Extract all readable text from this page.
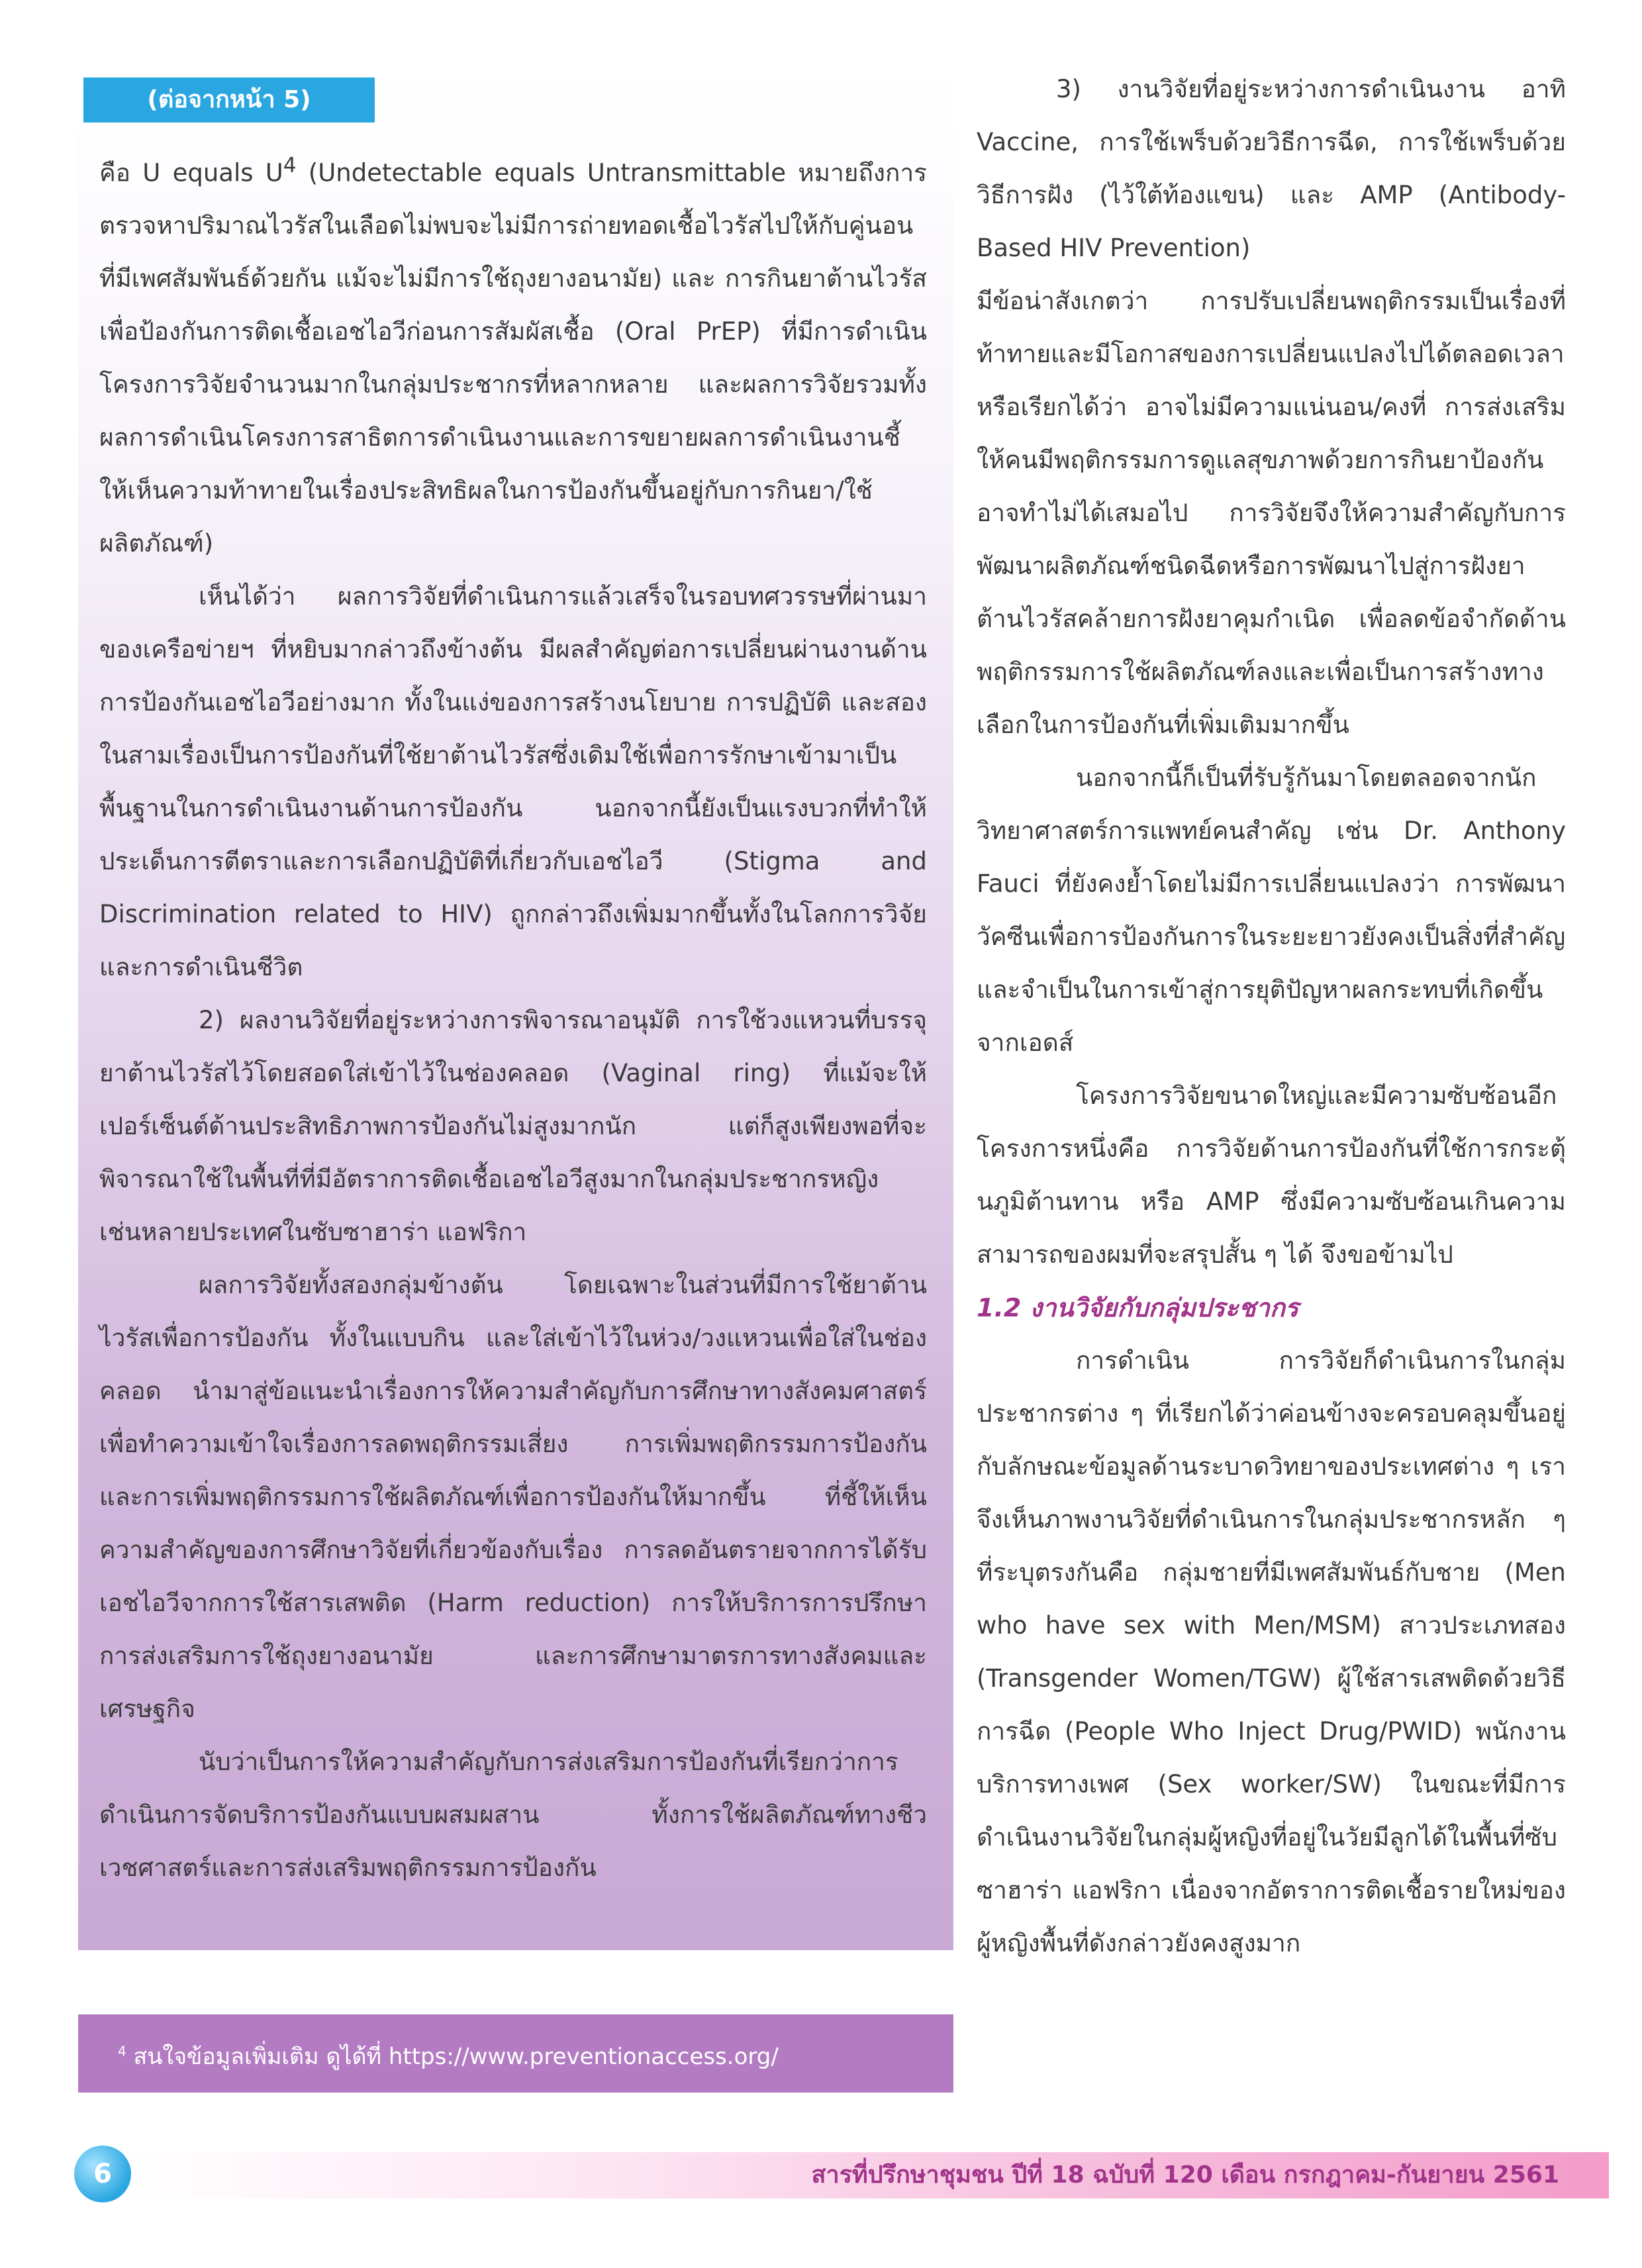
(ต่อจากหน้า 5)

คือ U equals $U^4$ (Undetectable equals Untransmittable หมายถึงการตรวจหาปริมาณไวรัสในเลือดไม่พบจะไม่มีการถ่ายทอดเชื้อไวรัสไปให้กับคู่นอนที่มีเพศสัมพันธ์ด้วยกัน แม้จะไม่มีการใช้ถุงยางอนามัย) และ การกินยาต้านไวรัสเพื่อป้องกันการติดเชื้อเอชไอวีก่อนการสัมผัสเชื้อ (Oral PrEP) ที่มีการดำเนินโครงการวิจัยจำนวนมากในกลุ่มประชากรที่หลากหลาย และผลการวิจัยรวมทั้งผลการดำเนินโครงการสาธิตการดำเนินงานและการขยายผลการดำเนินงานชี้ให้เห็นความท้าทายในเรื่องประสิทธิผลในการป้องกันขึ้นอยู่กับการกินยา/ใช้ผลิตภัณฑ์)

เห็นได้ว่า ผลการวิจัยที่ดำเนินการแล้วเสร็จในรอบทศวรรษที่ผ่านมาของเครือข่ายฯ ที่หยิบมากล่าวถึงข้างต้น มีผลสำคัญต่อการเปลี่ยนผ่านงานด้านการป้องกันเอชไอวีอย่างมาก ทั้งในแง่ของการสร้างนโยบาย การปฏิบัติ และสองในสามเรื่องเป็นการป้องกันที่ใช้ยาต้านไวรัสซึ่งเดิมใช้เพื่อการรักษาเข้ามาเป็นพื้นฐานในการดำเนินงานด้านการป้องกัน นอกจากนี้ยังเป็นแรงบวกที่ทำให้ประเด็นการตีตราและการเลือกปฏิบัติที่เกี่ยวกับเอชไอวี (Stigma and Discrimination related to HIV) ถูกกล่าวถึงเพิ่มมากขึ้นทั้งในโลกการวิจัยและการดำเนินชีวิต

2) ผลงานวิจัยที่อยู่ระหว่างการพิจารณาอนุมัติ การใช้วงแหวนที่บรรจุยาต้านไวรัสไว้โดยสอดใส่เข้าไว้ในช่องคลอด (Vaginal ring) ที่แม้จะให้เปอร์เซ็นต์ด้านประสิทธิภาพการป้องกันไม่สูงมากนัก แต่ก็สูงเพียงพอที่จะพิจารณาใช้ในพื้นที่ที่มีอัตราการติดเชื้อเอชไอวีสูงมากในกลุ่มประชากรหญิง เช่นหลายประเทศในซับซาฮาร่า แอฟริกา

ผลการวิจัยทั้งสองกลุ่มข้างต้น โดยเฉพาะในส่วนที่มีการใช้ยาต้านไวรัสเพื่อการป้องกัน ทั้งในแบบกิน และใส่เข้าไว้ในห่วง/วงแหวนเพื่อใส่ในช่องคลอด นำมาสู่ข้อแนะนำเรื่องการให้ความสำคัญกับการศึกษาทางสังคมศาสตร์เพื่อทำความเข้าใจเรื่องการลดพฤติกรรมเสี่ยง การเพิ่มพฤติกรรมการป้องกัน และการเพิ่มพฤติกรรมการใช้ผลิตภัณฑ์เพื่อการป้องกันให้มากขึ้น ที่ชี้ให้เห็นความสำคัญของการศึกษาวิจัยที่เกี่ยวข้องกับเรื่อง การลดอันตรายจากการได้รับเอชไอวีจากการใช้สารเสพติด (Harm reduction) การให้บริการการปรึกษา การส่งเสริมการใช้ถุงยางอนามัย และการศึกษามาตรการทางสังคมและเศรษฐกิจ

นับว่าเป็นการให้ความสำคัญกับการส่งเสริมการป้องกันที่เรียกว่าการดำเนินการจัดบริการป้องกันแบบผสมผสาน ทั้งการใช้ผลิตภัณฑ์ทางชีวเวชศาสตร์และการส่งเสริมพฤติกรรมการป้องกัน

$^4$ สนใจข้อมูลเพิ่มเติม ดูได้ที่ https://www.preventionaccess.org/

3) งานวิจัยที่อยู่ระหว่างการดำเนินงาน อาทิ Vaccine, การใช้เพร็บด้วยวิธีการฉีด, การใช้เพร็บด้วยวิธีการฝัง (ไว้ใต้ท้องแขน) และ AMP (Antibody-Based HIV Prevention)

มีข้อน่าสังเกตว่า การปรับเปลี่ยนพฤติกรรมเป็นเรื่องที่ท้าทายและมีโอกาสของการเปลี่ยนแปลงไปได้ตลอดเวลา หรือเรียกได้ว่า อาจไม่มีความแน่นอน/คงที่ การส่งเสริมให้คนมีพฤติกรรมการดูแลสุขภาพด้วยการกินยาป้องกันอาจทำไม่ได้เสมอไป การวิจัยจึงให้ความสำคัญกับการพัฒนาผลิตภัณฑ์ชนิดฉีดหรือการพัฒนาไปสู่การฝังยาต้านไวรัสคล้ายการฝังยาคุมกำเนิด เพื่อลดข้อจำกัดด้านพฤติกรรมการใช้ผลิตภัณฑ์ลงและเพื่อเป็นการสร้างทางเลือกในการป้องกันที่เพิ่มเติมมากขึ้น

นอกจากนี้ก็เป็นที่รับรู้กันมาโดยตลอดจากนักวิทยาศาสตร์การแพทย์คนสำคัญ เช่น Dr. Anthony Fauci ที่ยังคงย้ำโดยไม่มีการเปลี่ยนแปลงว่า การพัฒนาวัคซีนเพื่อการป้องกันการในระยะยาวยังคงเป็นสิ่งที่สำคัญและจำเป็นในการเข้าสู่การยุติปัญหาผลกระทบที่เกิดขึ้นจากเอดส์

โครงการวิจัยขนาดใหญ่และมีความซับซ้อนอีกโครงการหนึ่งคือ การวิจัยด้านการป้องกันที่ใช้การกระตุ้นภูมิต้านทาน หรือ AMP ซึ่งมีความซับซ้อนเกินความสามารถของผมที่จะสรุปสั้น ๆ ได้ จึงขอข้ามไป

1.2 งานวิจัยกับกลุ่มประชากร

การดำเนิน การวิจัยก็ดำเนินการในกลุ่มประชากรต่าง ๆ ที่เรียกได้ว่าค่อนข้างจะครอบคลุมขึ้นอยู่กับลักษณะข้อมูลด้านระบาดวิทยาของประเทศต่าง ๆ เราจึงเห็นภาพงานวิจัยที่ดำเนินการในกลุ่มประชากรหลัก ๆ ที่ระบุตรงกันคือ กลุ่มชายที่มีเพศสัมพันธ์กับชาย (Men who have sex with Men/MSM) สาวประเภทสอง (Transgender Women/TGW) ผู้ใช้สารเสพติดด้วยวิธีการฉีด (People Who Inject Drug/PWID) พนักงานบริการทางเพศ (Sex worker/SW) ในขณะที่มีการดำเนินงานวิจัยในกลุ่มผู้หญิงที่อยู่ในวัยมีลูกได้ในพื้นที่ซับซาฮาร่า แอฟริกา เนื่องจากอัตราการติดเชื้อรายใหม่ของผู้หญิงพื้นที่ดังกล่าวยังคงสูงมาก

6	สารที่ปรึกษาชุมชน ปีที่ 18 ฉบับที่ 120 เดือน กรกฎาคม-กันยายน 2561
